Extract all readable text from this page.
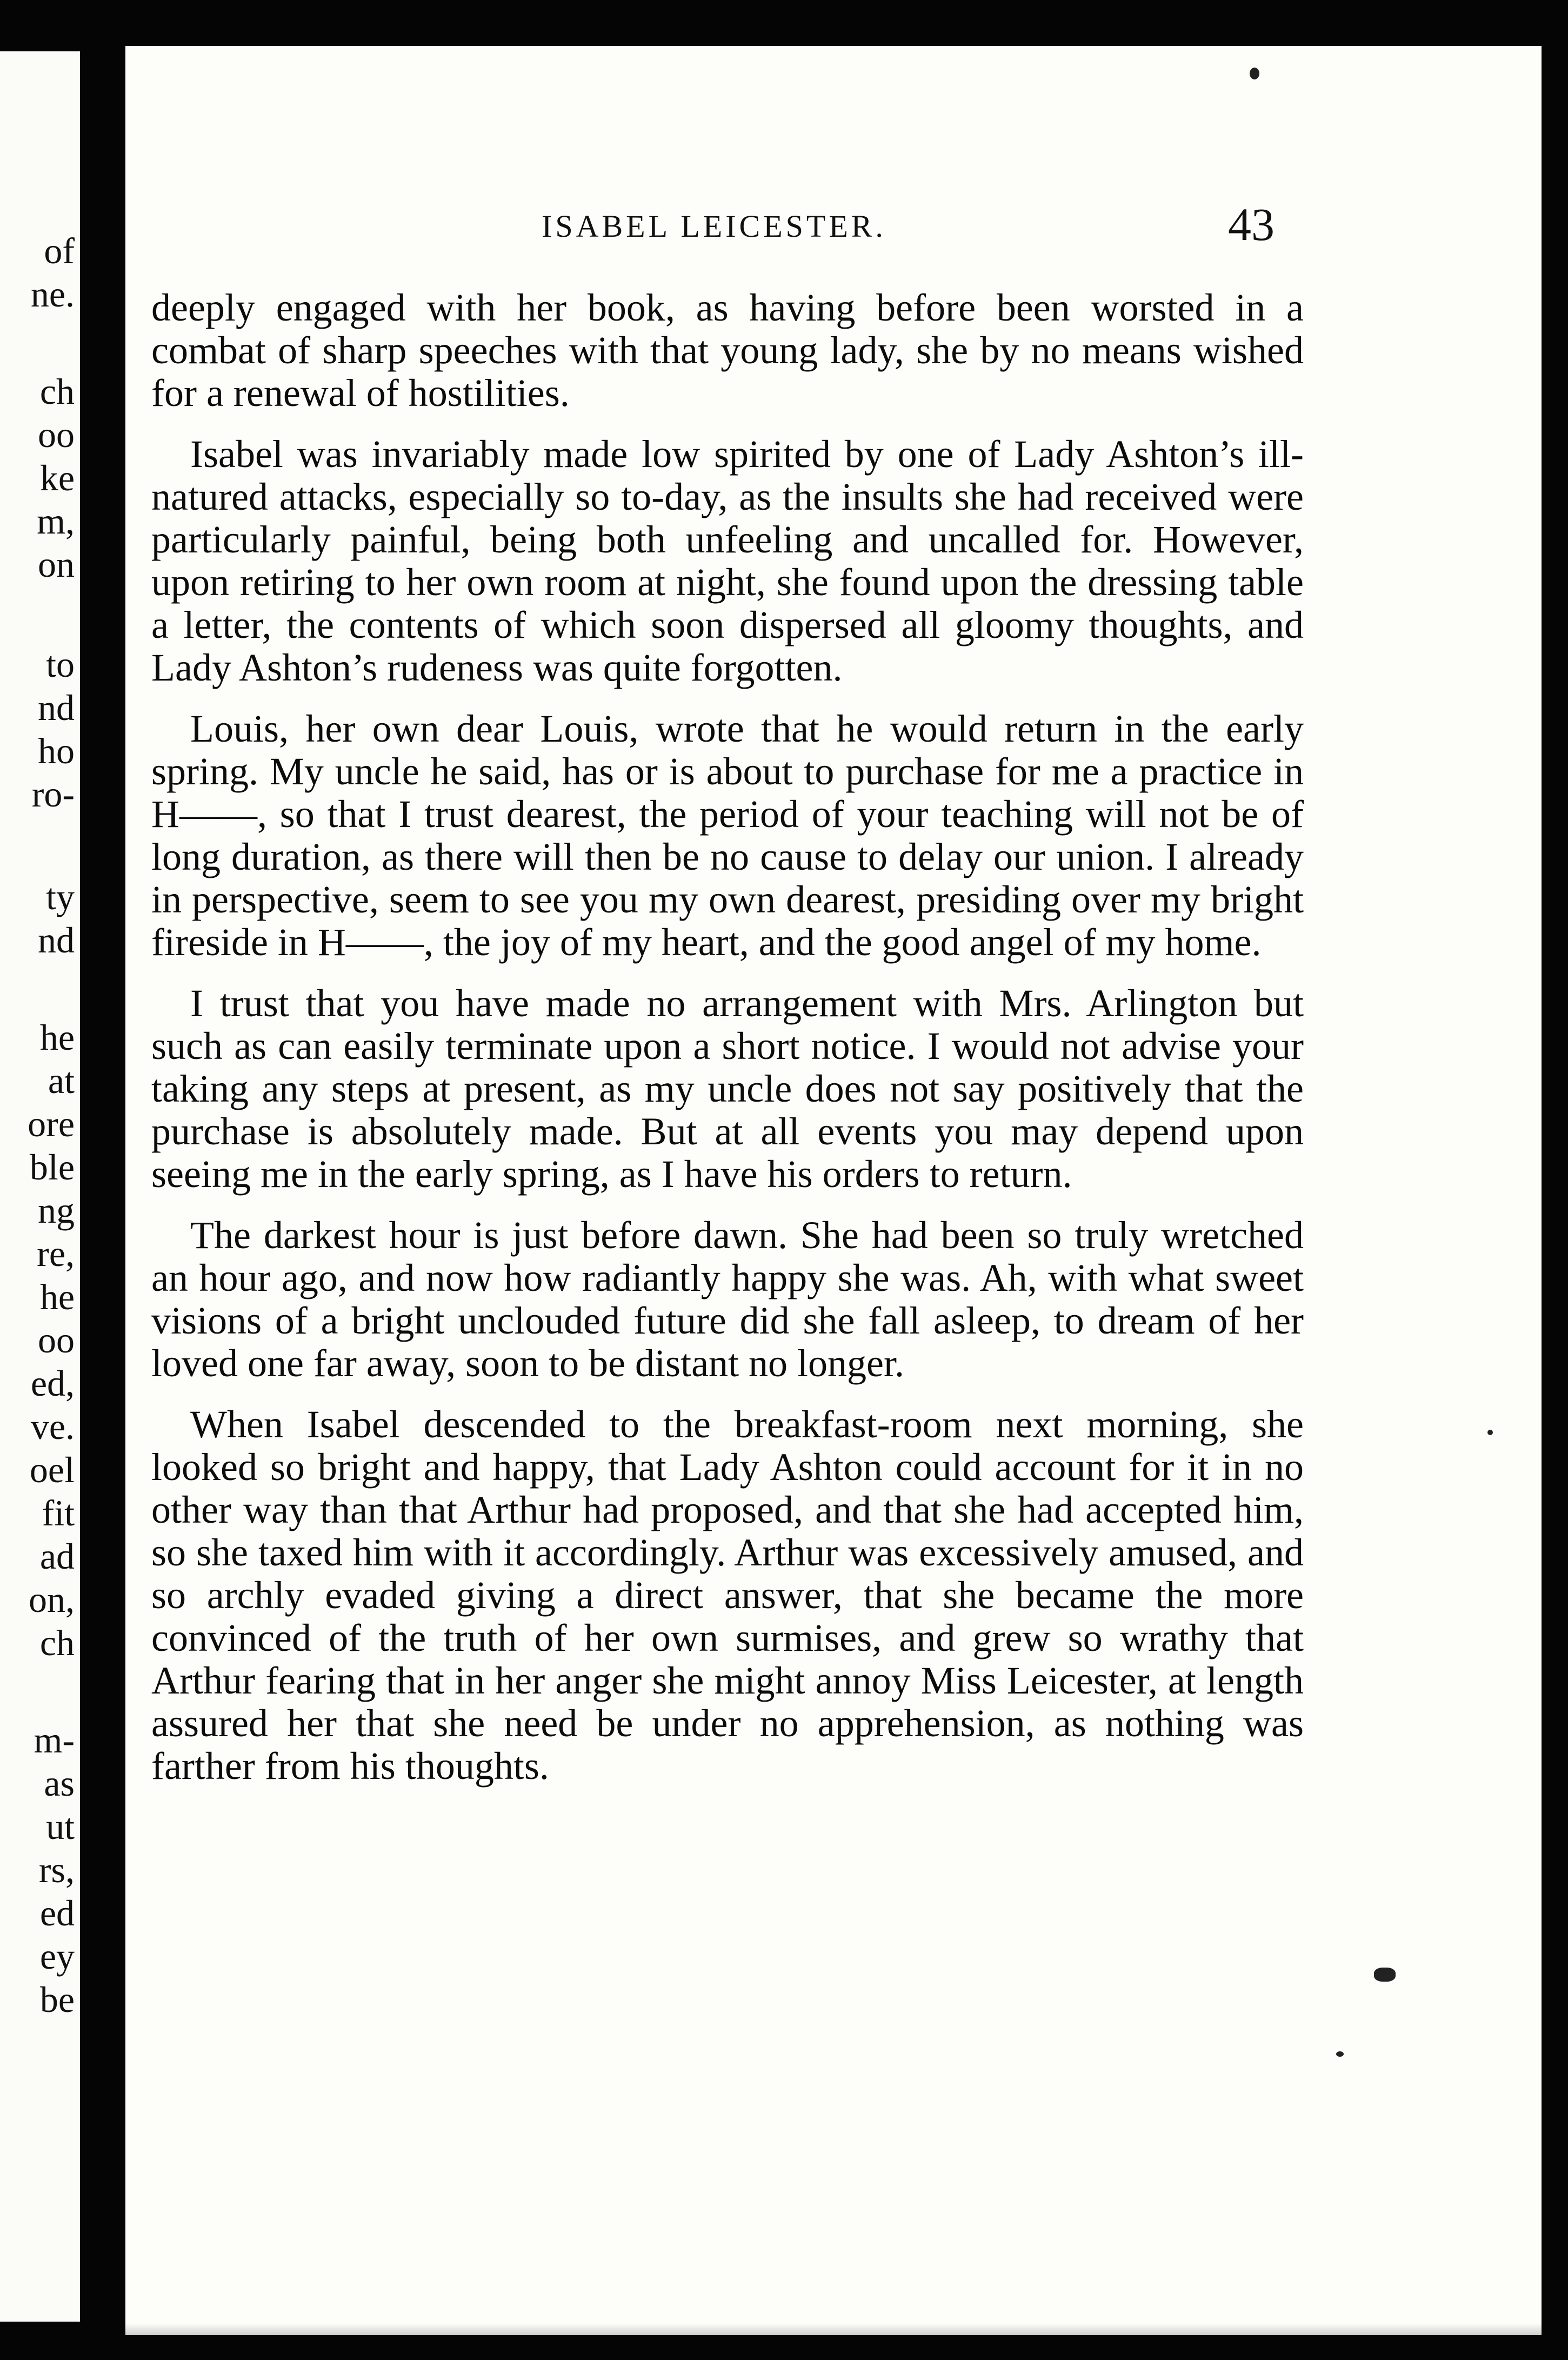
of
ne.
ch
oo
ke
m,
on
to
nd
ho
ro-
ty
nd
he
at
ore
ble
ng
re,
he
oo
ed,
ve.
oel
fit
ad
on,
ch
m-
as
ut
rs,
ed
ey
be
ISABEL LEICESTER.	43

deeply engaged with her book, as having before been worsted in a combat of sharp speeches with that young lady, she by no means wished for a renewal of hostilities.

Isabel was invariably made low spirited by one of Lady Ashton’s ill-natured attacks, especially so to-day, as the insults she had received were particularly painful, being both unfeeling and uncalled for. However, upon retiring to her own room at night, she found upon the dressing table a letter, the contents of which soon dispersed all gloomy thoughts, and Lady Ashton’s rudeness was quite forgotten.

Louis, her own dear Louis, wrote that he would return in the early spring. My uncle he said, has or is about to purchase for me a practice in H——, so that I trust dearest, the period of your teaching will not be of long duration, as there will then be no cause to delay our union. I already in perspective, seem to see you my own dearest, presiding over my bright fireside in H——, the joy of my heart, and the good angel of my home.

I trust that you have made no arrangement with Mrs. Arlington but such as can easily terminate upon a short notice. I would not advise your taking any steps at present, as my uncle does not say positively that the purchase is absolutely made. But at all events you may depend upon seeing me in the early spring, as I have his orders to return.

The darkest hour is just before dawn. She had been so truly wretched an hour ago, and now how radiantly happy she was. Ah, with what sweet visions of a bright unclouded future did she fall asleep, to dream of her loved one far away, soon to be distant no longer.

When Isabel descended to the breakfast-room next morning, she looked so bright and happy, that Lady Ashton could account for it in no other way than that Arthur had proposed, and that she had accepted him, so she taxed him with it accordingly. Arthur was excessively amused, and so archly evaded giving a direct answer, that she became the more convinced of the truth of her own surmises, and grew so wrathy that Arthur fearing that in her anger she might annoy Miss Leicester, at length assured her that she need be under no apprehension, as nothing was farther from his thoughts.
